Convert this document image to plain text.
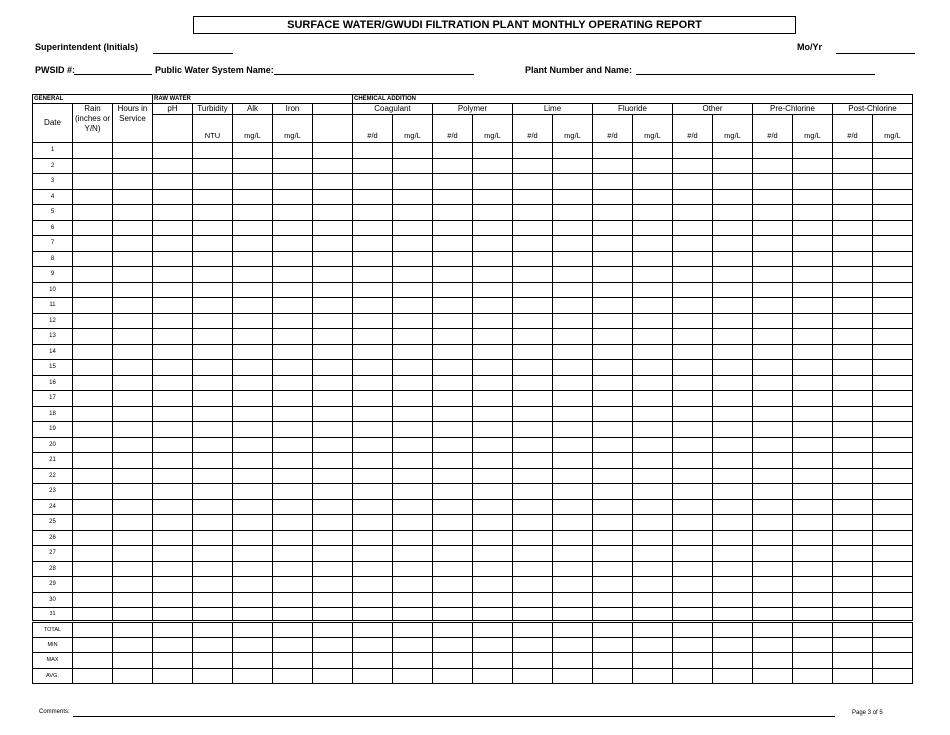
SURFACE WATER/GWUDI FILTRATION PLANT MONTHLY OPERATING REPORT
Superintendent (Initials)	Mo/Yr
PWSID #:	Public Water System Name:	Plant Number and Name:
GENERAL			RAW WATER					CHEMICAL ADDITION													
Date	Rain (inches or Y/N)	Hours in Service	pH	Turbidity	Alk	Iron		Coagulant		Polymer		Lime		Fluoride		Other		Pre-Chlorine		Post-Chlorine	
				NTU	mg/L	mg/L		#/d	mg/L	#/d	mg/L	#/d	mg/L	#/d	mg/L	#/d	mg/L	#/d	mg/L	#/d	mg/L
1																					
2																					
3																					
4																					
5																					
6																					
7																					
8																					
9																					
10																					
11																					
12																					
13																					
14																					
15																					
16																					
17																					
18																					
19																					
20																					
21																					
22																					
23																					
24																					
25																					
26																					
27																					
28																					
29																					
30																					
31																					
TOTAL																					
MIN																					
MAX																					
AVG.																					
Comments:	Page 3 of 5
